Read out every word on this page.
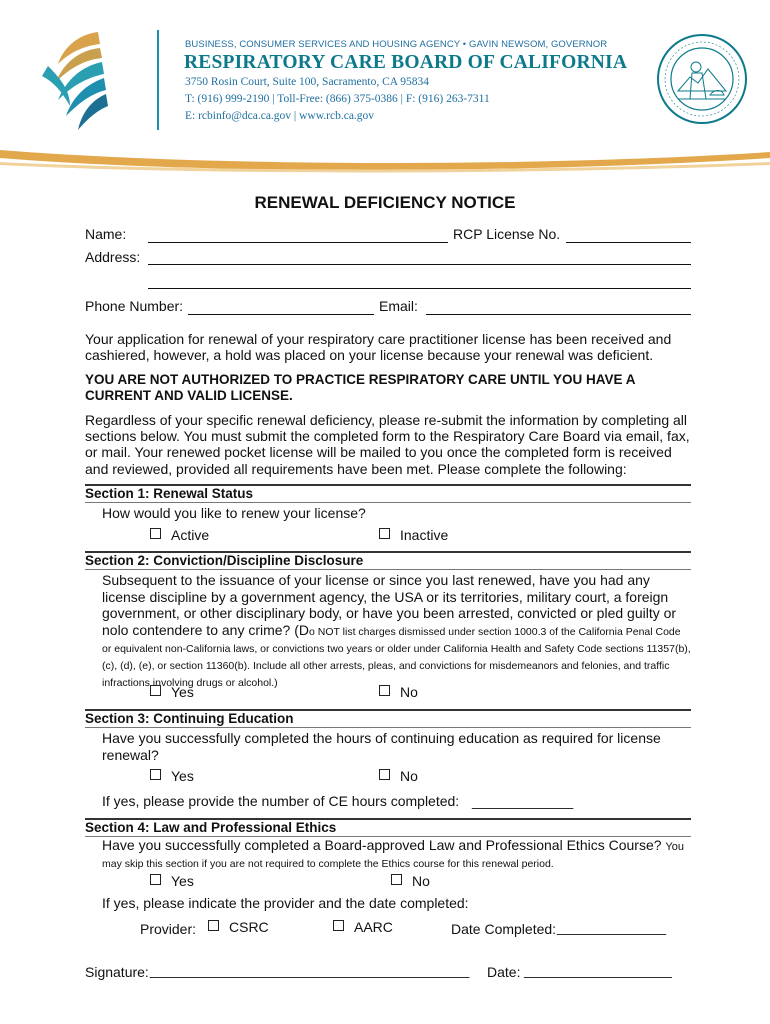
BUSINESS, CONSUMER SERVICES AND HOUSING AGENCY • GAVIN NEWSOM, GOVERNOR
RESPIRATORY CARE BOARD OF CALIFORNIA
3750 Rosin Court, Suite 100, Sacramento, CA 95834
T: (916) 999-2190 | Toll-Free: (866) 375-0386 | F: (916) 263-7311
E: rcbinfo@dca.ca.gov | www.rcb.ca.gov
RENEWAL DEFICIENCY NOTICE
Name:	RCP License No.
Address:
Phone Number:	Email:
Your application for renewal of your respiratory care practitioner license has been received and cashiered, however, a hold was placed on your license because your renewal was deficient.
YOU ARE NOT AUTHORIZED TO PRACTICE RESPIRATORY CARE UNTIL YOU HAVE A CURRENT AND VALID LICENSE.
Regardless of your specific renewal deficiency, please re-submit the information by completing all sections below. You must submit the completed form to the Respiratory Care Board via email, fax, or mail. Your renewed pocket license will be mailed to you once the completed form is received and reviewed, provided all requirements have been met. Please complete the following:
Section 1: Renewal Status
How would you like to renew your license?
Active	Inactive
Section 2: Conviction/Discipline Disclosure
Subsequent to the issuance of your license or since you last renewed, have you had any license discipline by a government agency, the USA or its territories, military court, a foreign government, or other disciplinary body, or have you been arrested, convicted or pled guilty or nolo contendere to any crime? (Do NOT list charges dismissed under section 1000.3 of the California Penal Code or equivalent non-California laws, or convictions two years or older under California Health and Safety Code sections 11357(b), (c), (d), (e), or section 11360(b). Include all other arrests, pleas, and convictions for misdemeanors and felonies, and traffic infractions involving drugs or alcohol.)
Yes	No
Section 3: Continuing Education
Have you successfully completed the hours of continuing education as required for license renewal?
Yes	No
If yes, please provide the number of CE hours completed: _____________
Section 4: Law and Professional Ethics
Have you successfully completed a Board-approved Law and Professional Ethics Course? You
may skip this section if you are not required to complete the Ethics course for this renewal period.
Yes	No
If yes, please indicate the provider and the date completed:
Provider:	CSRC	AARC	Date Completed: ______________
Signature: _________________________________________ Date: ___________________
